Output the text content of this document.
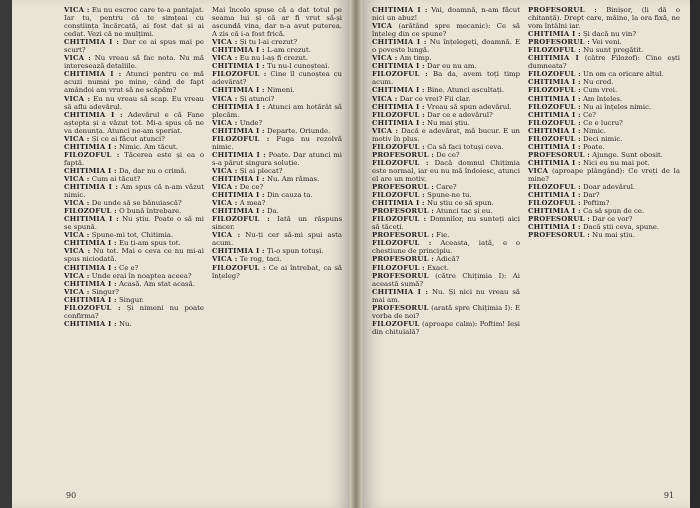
VICA : Eu nu escroc care te-a pantajat. Iar tu, pentru că te simțeai cu conștiința încărcată, ai fost dat și ai cedat. Vezi că ne mulțimi.

CHITIMIA I : Dar ce ai spus mai pe scurt?

VICA : Nu vreau să fac nota. Nu mă interesează detaliile.

CHITIMIA I : Atunci pentru ce mă acuzi numai pe mine, când de fapt amândoi am vrut să ne scăpăm?

VICA : Eu nu vreau să scap. Eu vreau să aflu adevărul.

CHITIMIA I : Adevărul e că Fane aștepta și a văzut tot. Mi-a spus că ne va denunța. Atunci ne-am speriat.

VICA : Și ce ai făcut atunci?

CHITIMIA I : Nimic. Am tăcut.

FILOZOFUL : Tăcerea este și ea o faptă.

CHITIMIA I : Da, dar nu o crimă.

VICA : Cum ai tăcut?

CHITIMIA I : Am spus că n-am văzut nimic.

VICA : De unde să se bănuiască?

FILOZOFUL : O bună întrebare.

CHITIMIA I : Nu știu. Poate o să mi se spună.

VICA : Spune-mi tot, Chitimia.

CHITIMIA I : Eu ți-am spus tot.

VICA : Nu tot. Mai e ceva ce nu mi-ai spus niciodată.

CHITIMIA I : Ce e?

VICA : Unde erai în noaptea aceea?

CHITIMIA I : Acasă. Am stat acasă.

VICA : Singur?

CHITIMIA I : Singur.

FILOZOFUL : Și nimeni nu poate confirma?

CHITIMIA I : Nu.

Mai încolo spuse că a dat totul pe seama lui și că ar fi vrut să-și ascundă vina, dar n-a avut puterea. A zis că i-a fost frică.

VICA : Și tu l-ai crezut?

CHITIMIA I : L-am crezut.

VICA : Eu nu l-aș fi crezut.

CHITIMIA I : Tu nu-l cunoșteai.

FILOZOFUL : Cine îl cunoștea cu adevărat?

CHITIMIA I : Nimeni.

VICA : Și atunci?

CHITIMIA I : Atunci am hotărât să plecăm.

VICA : Unde?

CHITIMIA I : Departe. Oriunde.

FILOZOFUL : Fuga nu rezolvă nimic.

CHITIMIA I : Poate. Dar atunci mi s-a părut singura soluție.

VICA : Și ai plecat?

CHITIMIA I : Nu. Am rămas.

VICA : De ce?

CHITIMIA I : Din cauza ta.

VICA : A mea?

CHITIMIA I : Da.

FILOZOFUL : Iată un răspuns sincer.

VICA : Nu-ți cer să-mi spui asta acum.

CHITIMIA I : Ți-o spun totuși.

VICA : Te rog, taci.

FILOZOFUL : Ce ai întrebat, ca să înțeleg?

90

CHITIMIA I : Vai, doamnă, n-am făcut nici un abuz!

VICA (arătând spre mecanic): Ce să înțeleg din ce spune?

CHITIMIA I : Nu înțelegeți, doamnă. E o poveste lungă.

VICA : Am timp.

CHITIMIA I : Dar eu nu am.

FILOZOFUL : Ba da, avem toți timp acum.

CHITIMIA I : Bine. Atunci ascultați.

VICA : Dar ce vrei? Fii clar.

CHITIMIA I : Vreau să spun adevărul.

FILOZOFUL : Dar ce e adevărul?

CHITIMIA I : Nu mai știu.

VICA : Dacă e adevărat, mă bucur. E un motiv în plus.

FILOZOFUL : Ca să faci totuși ceva.

PROFESORUL : De ce?

FILOZOFUL : Dacă domnul Chițimia este normal, iar eu nu mă îndoiesc, atunci el are un motiv.

PROFESORUL : Care?

FILOZOFUL : Spune-ne tu.

CHITIMIA I : Nu știu ce să spun.

PROFESORUL : Atunci tac și eu.

FILOZOFUL : Domnilor, nu sunteți aici să tăceți.

PROFESORUL : Fie.

FILOZOFUL : Aceasta, iată, e o chestiune de principiu.

PROFESORUL : Adică?

FILOZOFUL : Exact.

PROFESORUL (către Chițimia I): Ai această sumă?

CHITIMIA I : Nu. Și nici nu vreau să mai am.

PROFESORUL (arată spre Chițimia I): E vorba de noi?

FILOZOFUL (aproape calm): Poftim! Ieși din chituială?

PROFESORUL : Binișor, (li dă o chitanță). Drept care, mâine, la ora fixă, ne vom întâlni iar.

CHITIMIA I : Și dacă nu vin?

PROFESORUL : Vei veni.

FILOZOFUL : Nu sunt pregătit.

CHITIMIA I (către Filozof): Cine ești dumneata?

FILOZOFUL : Un om ca oricare altul.

CHITIMIA I : Nu cred.

FILOZOFUL : Cum vrei.

CHITIMIA I : Am înțeles.

FILOZOFUL : Nu ai înțeles nimic.

CHITIMIA I : Ce?

FILOZOFUL : Ce e lucru?

CHITIMIA I : Nimic.

FILOZOFUL : Deci nimic.

CHITIMIA I : Poate.

PROFESORUL : Ajunge. Sunt obosit.

CHITIMIA I : Nici eu nu mai pot.

VICA (aproape plângând): Ce vreți de la mine?

FILOZOFUL : Doar adevărul.

CHITIMIA I : Dar?

FILOZOFUL : Poftim?

CHITIMIA I : Ca să spun de ce.

PROFESORUL : Dar ce vor?

CHITIMIA I : Dacă știi ceva, spune.

PROFESORUL : Nu mai știu.

91
